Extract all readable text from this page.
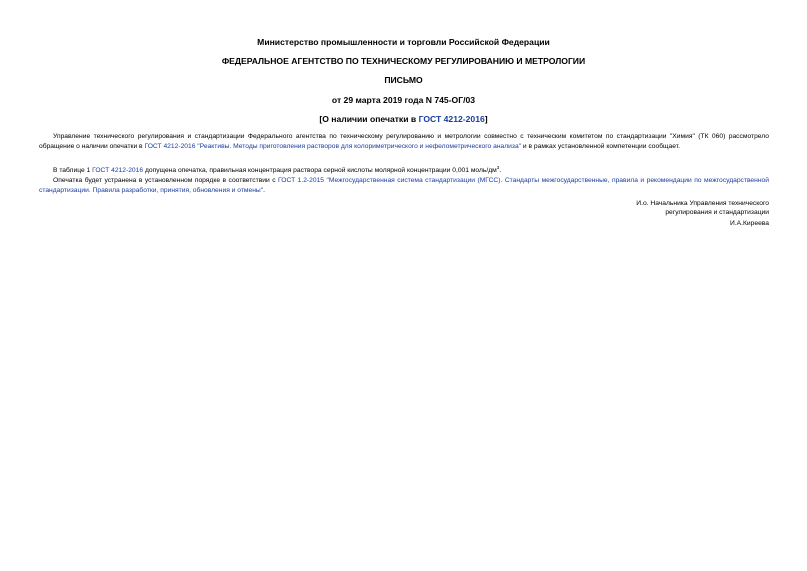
Министерство промышленности и торговли Российской Федерации
ФЕДЕРАЛЬНОЕ АГЕНТСТВО ПО ТЕХНИЧЕСКОМУ РЕГУЛИРОВАНИЮ И МЕТРОЛОГИИ
ПИСЬМО
от 29 марта 2019 года N 745-ОГ/03
[О наличии опечатки в ГОСТ 4212-2016]
Управление технического регулирования и стандартизации Федерального агентства по техническому регулированию и метрологии совместно с техническим комитетом по стандартизации "Химия" (ТК 060) рассмотрело обращение о наличии опечатки в ГОСТ 4212-2016 "Реактивы. Методы приготовления растворов для колориметрического и нефелометрического анализа" и в рамках установленной компетенции сообщает.
В таблице 1 ГОСТ 4212-2016 допущена опечатка, правильная концентрация раствора серной кислоты молярной концентрации 0,001 моль/$дм^3$.
Опечатка будет устранена в установленном порядке в соответствии с ГОСТ 1.2-2015 "Межгосударственная система стандартизации (МГСС). Стандарты межгосударственные, правила и рекомендации по межгосударственной стандартизации. Правила разработки, принятия, обновления и отмены".
И.о. Начальника Управления технического
регулирования и стандартизации
И.А.Киреева
